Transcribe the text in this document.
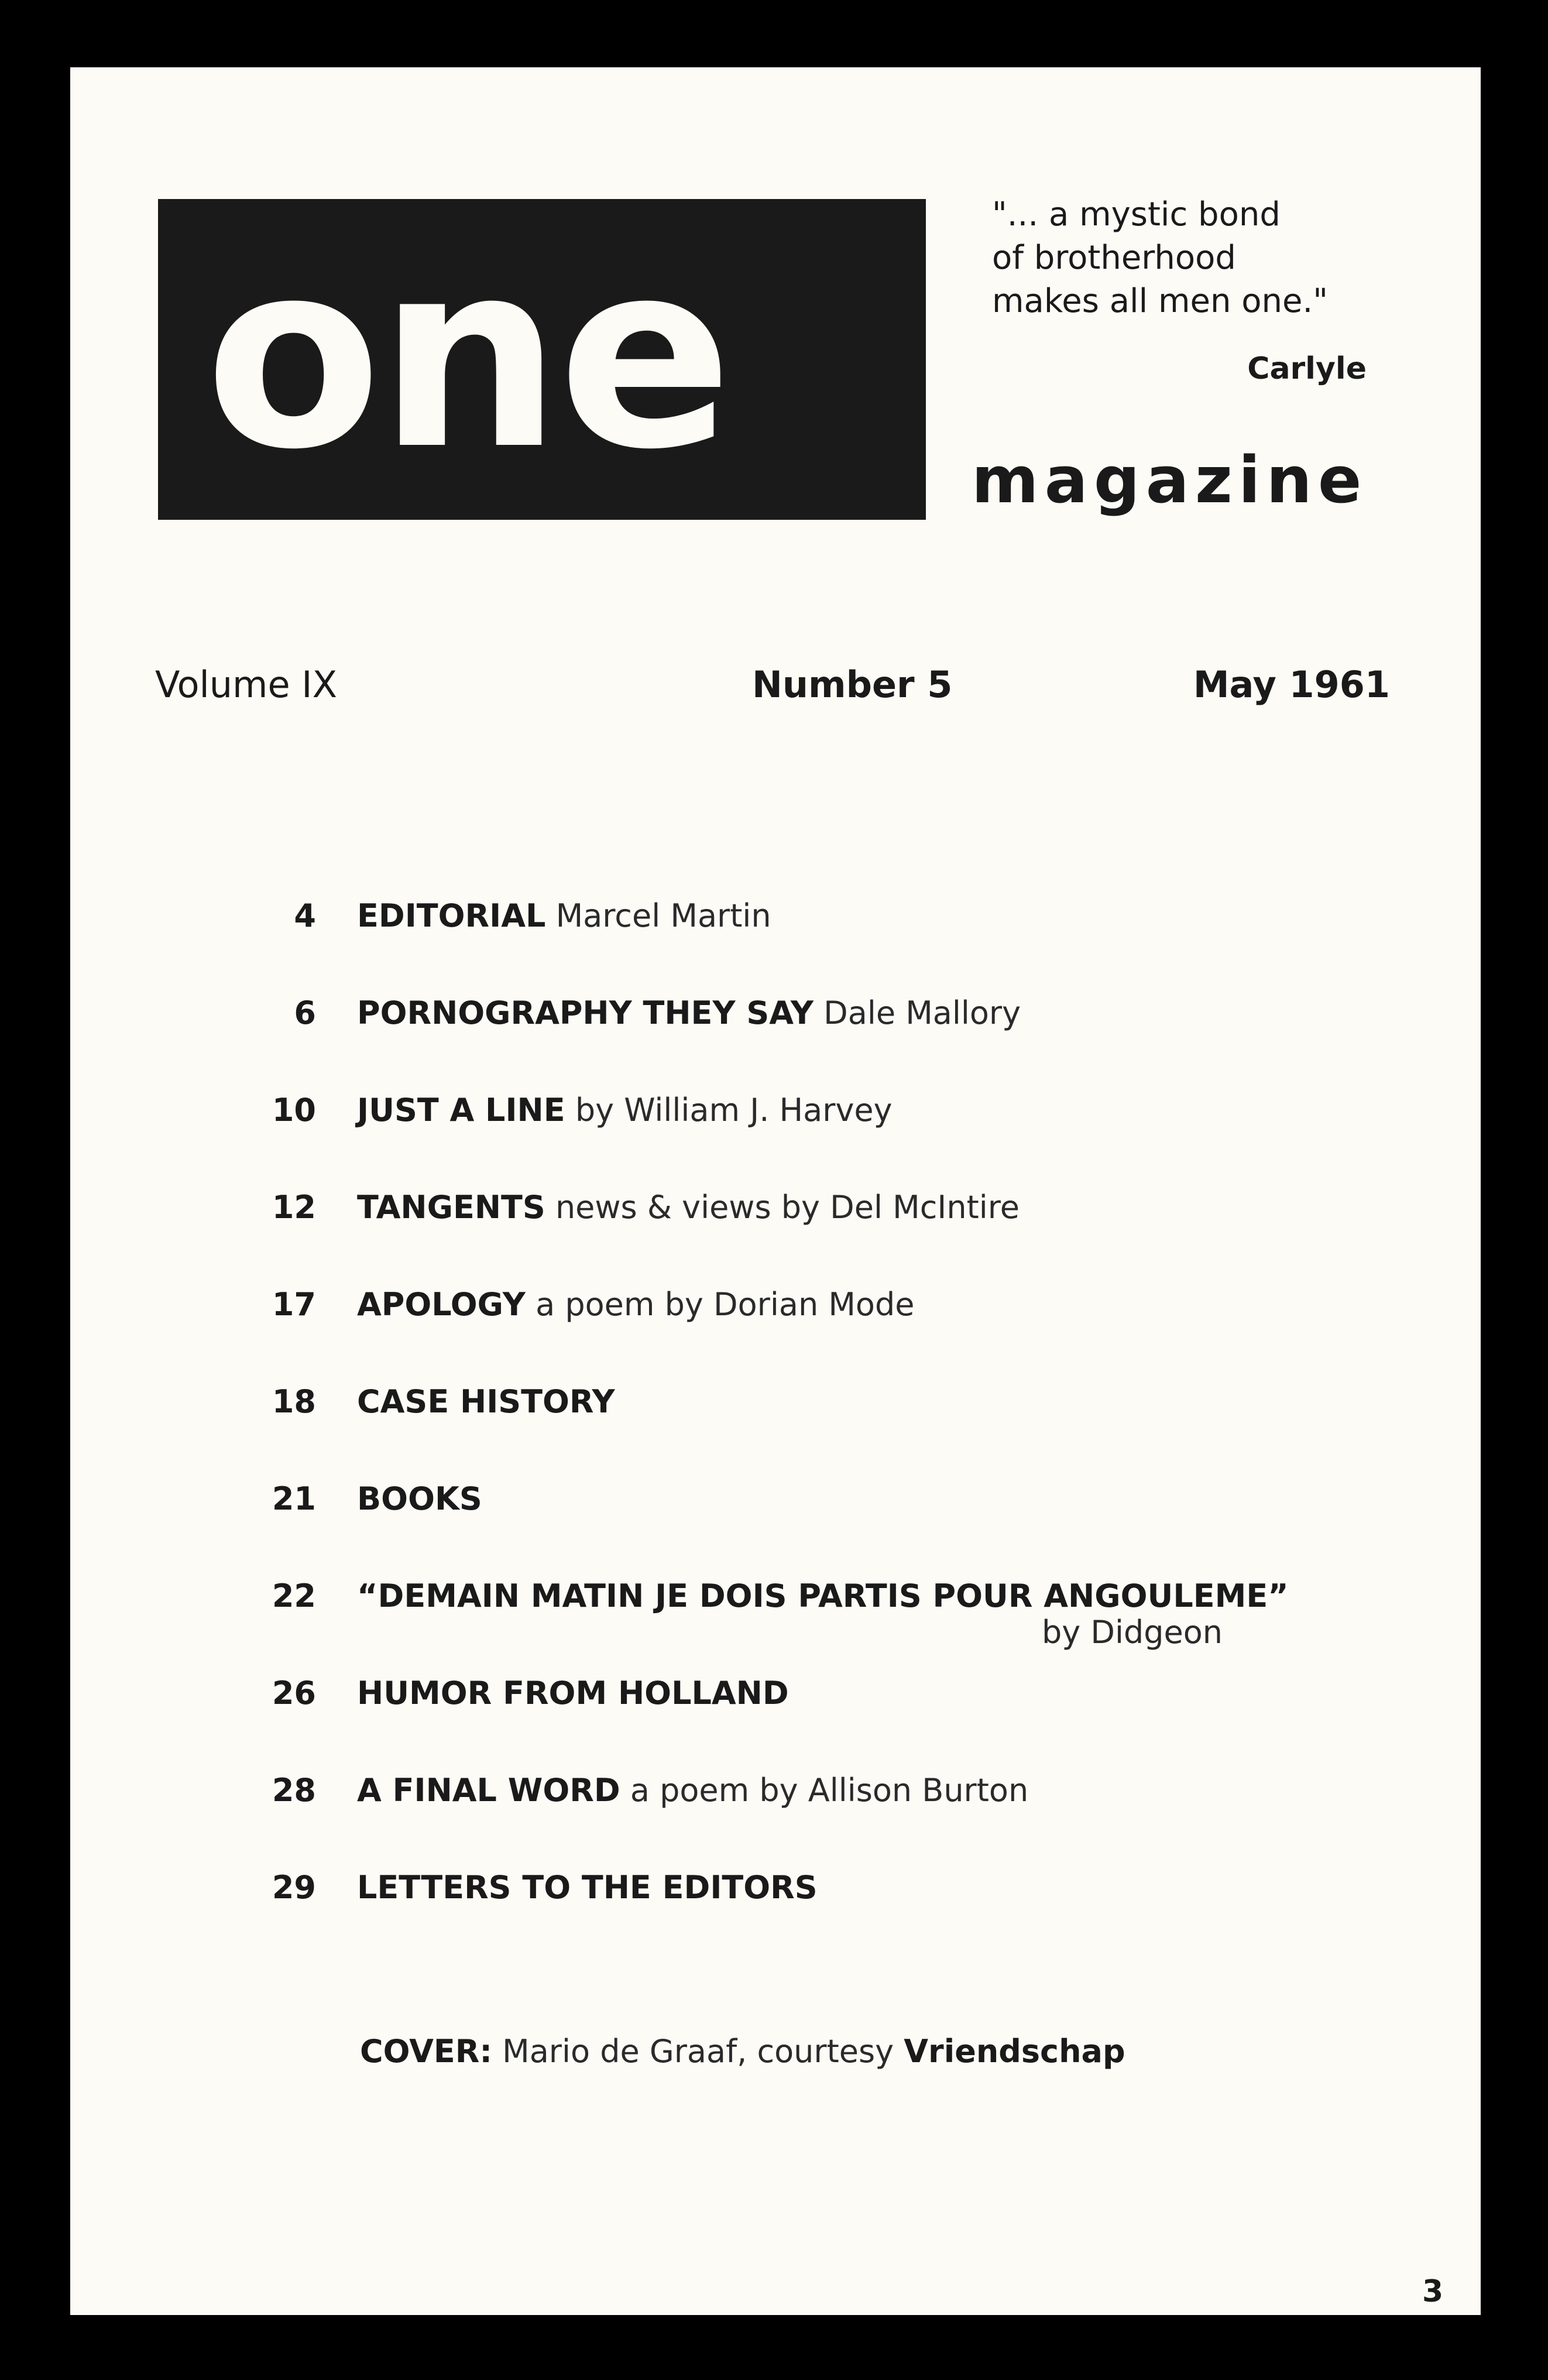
one	"... a mystic bond
of brotherhood
makes all men one."
Carlyle
magazine
Volume IX	Number 5	May 1961
4 EDITORIAL Marcel Martin
6 PORNOGRAPHY THEY SAY Dale Mallory
10 JUST A LINE by William J. Harvey
12 TANGENTS news & views by Del McIntire
17 APOLOGY a poem by Dorian Mode
18 CASE HISTORY
21 BOOKS
22 “DEMAIN MATIN JE DOIS PARTIS POUR ANGOULEME”
by Didgeon
26 HUMOR FROM HOLLAND
28 A FINAL WORD a poem by Allison Burton
29 LETTERS TO THE EDITORS
COVER: Mario de Graaf, courtesy Vriendschap
3
